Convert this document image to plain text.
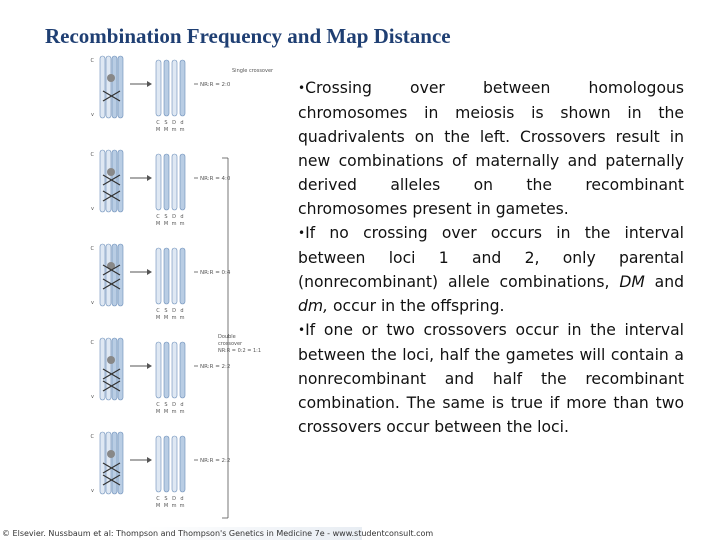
Recombination Frequency and Map Distance
C
v
C S D d
M M m m
NR:R = 2:0
C
v
C S D d
M M m m
NR:R = 4:0
C
v
C S D d
M M m m
NR:R = 0:4
C
v
C S D d
M M m m
NR:R = 2:2
C
v
C S D d
M M m m
NR:R = 2:2
Single crossover
Double
crossover
NR:R = 0:2 = 1:1
© Elsevier. Nussbaum et al: Thompson and Thompson's Genetics in Medicine 7e - www.studentconsult.com

•Crossing over between homologous chromosomes in meiosis is shown in the quadrivalents on the left. Crossovers result in new combinations of maternally and paternally derived alleles on the recombinant chromosomes present in gametes.

•If no crossing over occurs in the interval between loci 1 and 2, only parental (nonrecombinant) allele combinations, DM and dm, occur in the offspring.

•If one or two crossovers occur in the interval between the loci, half the gametes will contain a nonrecombinant and half the recombinant combination. The same is true if more than two crossovers occur between the loci.
